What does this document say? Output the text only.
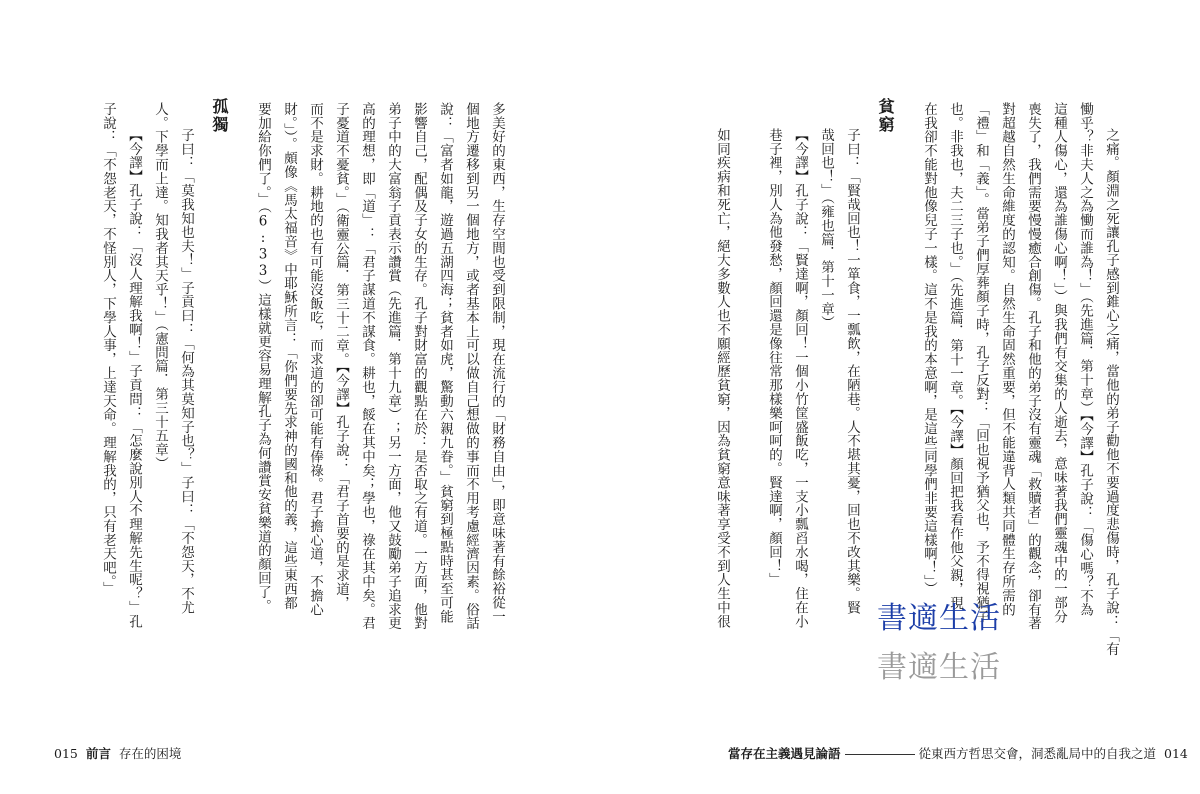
之痛。顏淵之死讓孔子感到錐心之痛，當他的弟子勸他不要過度悲傷時，孔子說：「有
慟乎？非夫人之為慟而誰為！」（先進篇．第十章）【今譯】孔子說：「傷心嗎？不為
這種人傷心，還為誰傷心啊！」）與我們有交集的人逝去，意味著我們靈魂中的一部分
喪失了，我們需要慢慢癒合創傷。孔子和他的弟子沒有靈魂「救贖者」的觀念，卻有著
對超越自然生命維度的認知。自然生命固然重要，但不能違背人類共同體生存所需的
「禮」和「義」。當弟子們厚葬顏子時，孔子反對：「回也視予猶父也，予不得視猶子
也。非我也，夫二三子也。」（先進篇．第十一章。【今譯】顏回把我看作他父親，現
在我卻不能對他像兒子一樣。這不是我的本意啊，是這些同學們非要這樣啊！」）
貧窮
子曰：「賢哉回也！一箪食，一瓢飲，在陋巷。人不堪其憂，回也不改其樂。賢
哉回也！」（雍也篇．第十一章）
【今譯】孔子說：「賢達啊，顏回！一個小竹筐盛飯吃，一支小瓢舀水喝，住在小
巷子裡，別人為他發愁，顏回還是像往常那樣樂呵呵的。賢達啊，顏回！」
如同疾病和死亡，絕大多數人也不願經歷貧窮，因為貧窮意味著享受不到人生中很
當存在主義遇見論語	從東西方哲思交會，洞悉亂局中的自我之道 014
多美好的東西，生存空間也受到限制，現在流行的「財務自由」，即意味著有餘裕從一
個地方遷移到另一個地方，或者基本上可以做自己想做的事而不用考慮經濟因素。俗話
說：「富者如龍，遊過五湖四海；貧者如虎，驚動六親九眷。」貧窮到極點時甚至可能
影響自己，配偶及子女的生存。孔子對財富的觀點在於：是否取之有道。一方面，他對
弟子中的大富翁子貢表示讚賞（先進篇．第十九章）；另一方面，他又鼓勵弟子追求更
高的理想，即「道」：「君子謀道不謀食。耕也，餒在其中矣；學也，祿在其中矣。君
子憂道不憂貧。」（衛靈公篇．第三十二章。【今譯】孔子說：「君子首要的是求道，
而不是求財。耕地的也有可能沒飯吃，而求道的卻可能有俸祿。君子擔心道，不擔心
財。」）。頗像《馬太福音》中耶穌所言：「你們要先求神的國和他的義，這些東西都
要加給你們了。」（6:33）這樣就更容易理解孔子為何讚賞安貧樂道的顏回了。
孤獨
子曰：「莫我知也夫！」子貢曰：「何為其莫知子也？」子曰：「不怨天，不尤
人。下學而上達。知我者其天乎！」（憲問篇．第三十五章）
【今譯】孔子說：「沒人理解我啊！」子貢問：「怎麼說別人不理解先生呢？」孔
子說：「不怨老天，不怪別人，下學人事，上達天命。理解我的，只有老天吧。」
015 前言 存在的困境
書適生活
書適生活
